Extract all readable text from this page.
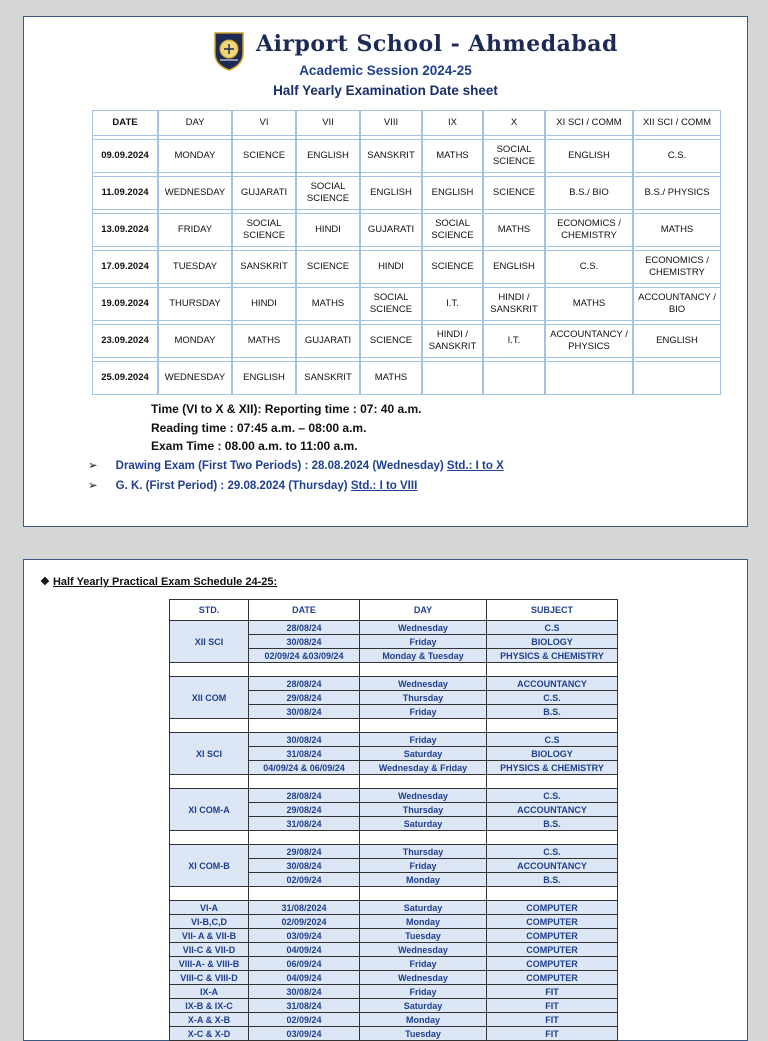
Airport School - Ahmedabad
Academic Session 2024-25
Half Yearly Examination Date sheet
DATE	DAY	VI	VII	VIII	IX	X	XI SCI / COMM	XII SCI / COMM

09.09.2024	MONDAY	SCIENCE	ENGLISH	SANSKRIT	MATHS	SOCIAL SCIENCE	ENGLISH	C.S.

11.09.2024	WEDNESDAY	GUJARATI	SOCIAL SCIENCE	ENGLISH	ENGLISH	SCIENCE	B.S./ BIO	B.S./ PHYSICS

13.09.2024	FRIDAY	SOCIAL SCIENCE	HINDI	GUJARATI	SOCIAL SCIENCE	MATHS	ECONOMICS / CHEMISTRY	MATHS

17.09.2024	TUESDAY	SANSKRIT	SCIENCE	HINDI	SCIENCE	ENGLISH	C.S.	ECONOMICS / CHEMISTRY

19.09.2024	THURSDAY	HINDI	MATHS	SOCIAL SCIENCE	I.T.	HINDI / SANSKRIT	MATHS	ACCOUNTANCY / BIO

23.09.2024	MONDAY	MATHS	GUJARATI	SCIENCE	HINDI / SANSKRIT	I.T.	ACCOUNTANCY / PHYSICS	ENGLISH

25.09.2024	WEDNESDAY	ENGLISH	SANSKRIT	MATHS				
Time (VI to X & XII): Reporting time : 07: 40 a.m.
Reading time : 07:45 a.m. – 08:00 a.m.
Exam Time : 08.00 a.m. to 11:00 a.m.
➢ Drawing Exam (First Two Periods) : 28.08.2024 (Wednesday) Std.: I to X
➢ G. K. (First Period) : 29.08.2024 (Thursday) Std.: I to VIII
❖ Half Yearly Practical Exam Schedule 24-25:
STD.	DATE	DAY	SUBJECT
XII SCI	28/08/24	Wednesday	C.S
	30/08/24	Friday	BIOLOGY
	02/09/24 &03/09/24	Monday & Tuesday	PHYSICS & CHEMISTRY

XII COM	28/08/24	Wednesday	ACCOUNTANCY
	29/08/24	Thursday	C.S.
	30/08/24	Friday	B.S.

XI SCI	30/08/24	Friday	C.S
	31/08/24	Saturday	BIOLOGY
	04/09/24 & 06/09/24	Wednesday & Friday	PHYSICS & CHEMISTRY

XI COM-A	28/08/24	Wednesday	C.S.
	29/08/24	Thursday	ACCOUNTANCY
	31/08/24	Saturday	B.S.

XI COM-B	29/08/24	Thursday	C.S.
	30/08/24	Friday	ACCOUNTANCY
	02/09/24	Monday	B.S.

VI-A	31/08/2024	Saturday	COMPUTER
VI-B,C,D	02/09/2024	Monday	COMPUTER
VII- A & VII-B	03/09/24	Tuesday	COMPUTER
VII-C & VII-D	04/09/24	Wednesday	COMPUTER
VIII-A- & VIII-B	06/09/24	Friday	COMPUTER
VIII-C & VIII-D	04/09/24	Wednesday	COMPUTER
IX-A	30/08/24	Friday	FIT
IX-B & IX-C	31/08/24	Saturday	FIT
X-A & X-B	02/09/24	Monday	FIT
X-C & X-D	03/09/24	Tuesday	FIT
